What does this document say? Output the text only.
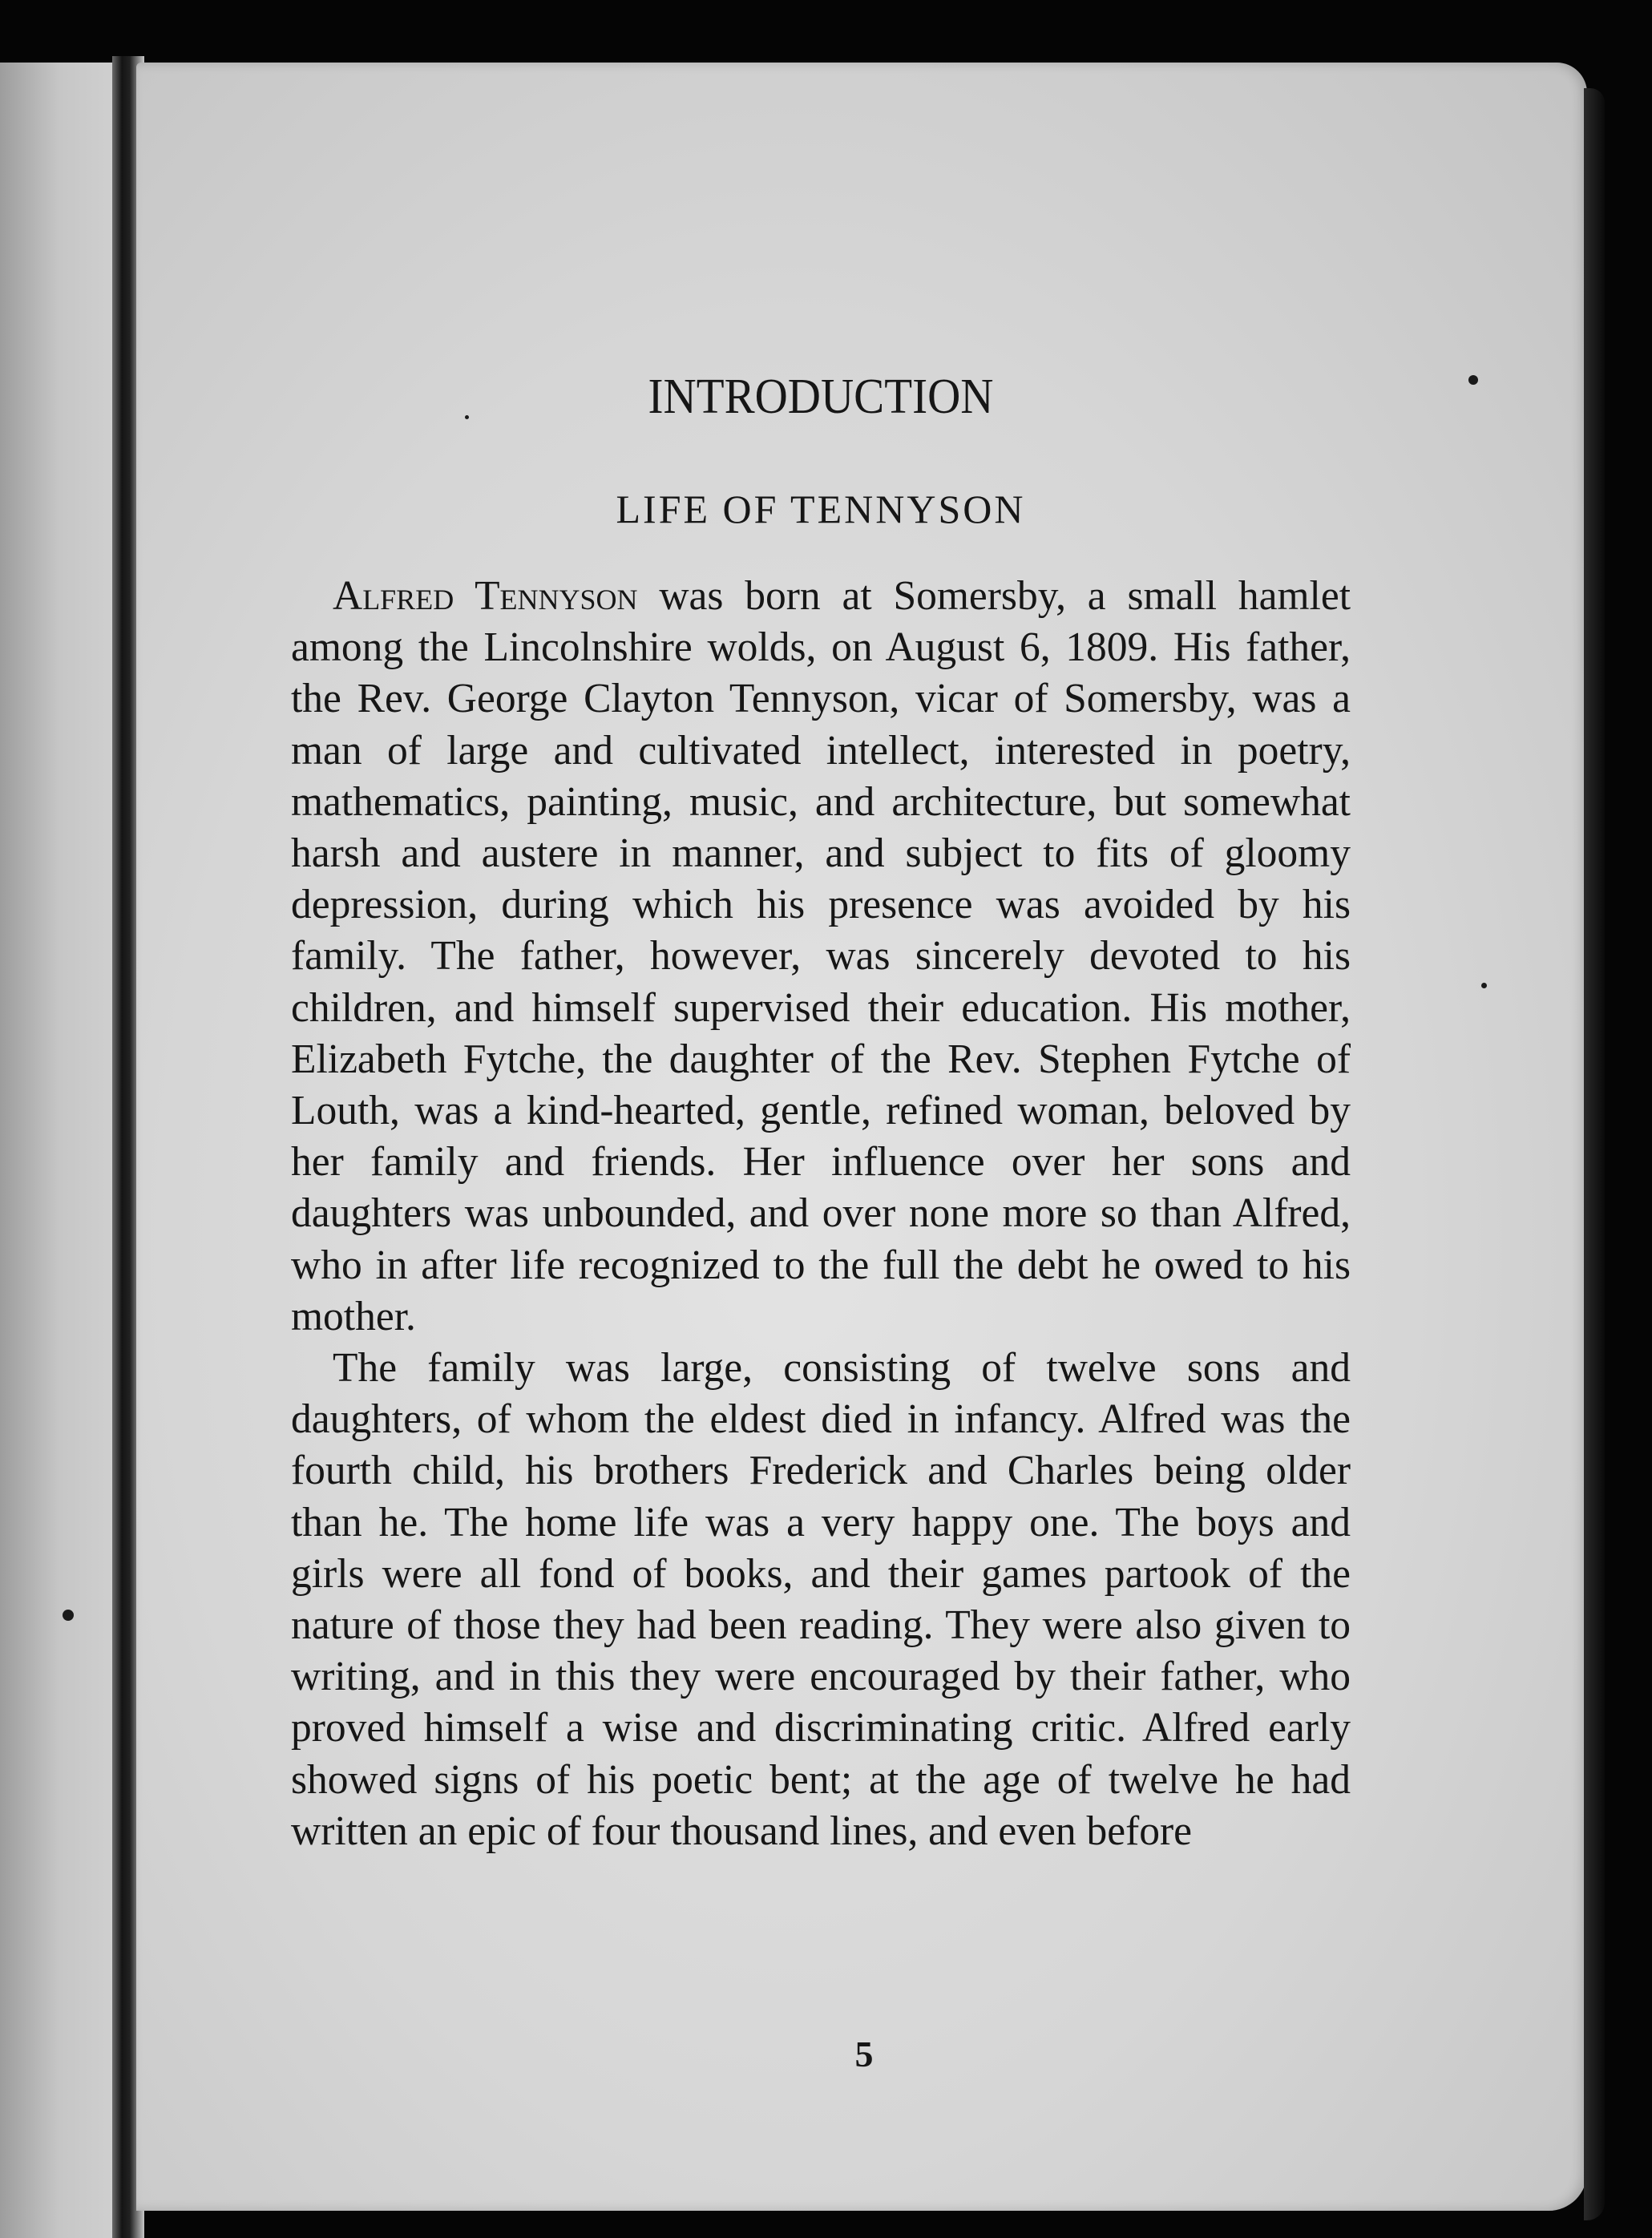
INTRODUCTION
LIFE OF TENNYSON

Alfred Tennyson was born at Somersby, a small hamlet among the Lincolnshire wolds, on August 6, 1809. His father, the Rev. George Clayton Tennyson, vicar of Somersby, was a man of large and cultivated intellect, interested in poetry, mathematics, painting, music, and architecture, but somewhat harsh and austere in manner, and subject to fits of gloomy depression, during which his presence was avoided by his family. The father, however, was sincerely devoted to his children, and himself supervised their education. His mother, Elizabeth Fytche, the daughter of the Rev. Stephen Fytche of Louth, was a kind-hearted, gentle, refined woman, beloved by her family and friends. Her influence over her sons and daughters was unbounded, and over none more so than Alfred, who in after life recognized to the full the debt he owed to his mother.

The family was large, consisting of twelve sons and daughters, of whom the eldest died in infancy. Alfred was the fourth child, his brothers Frederick and Charles being older than he. The home life was a very happy one. The boys and girls were all fond of books, and their games partook of the nature of those they had been reading. They were also given to writing, and in this they were encouraged by their father, who proved himself a wise and discriminating critic. Alfred early showed signs of his poetic bent; at the age of twelve he had written an epic of four thousand lines, and even before

5
